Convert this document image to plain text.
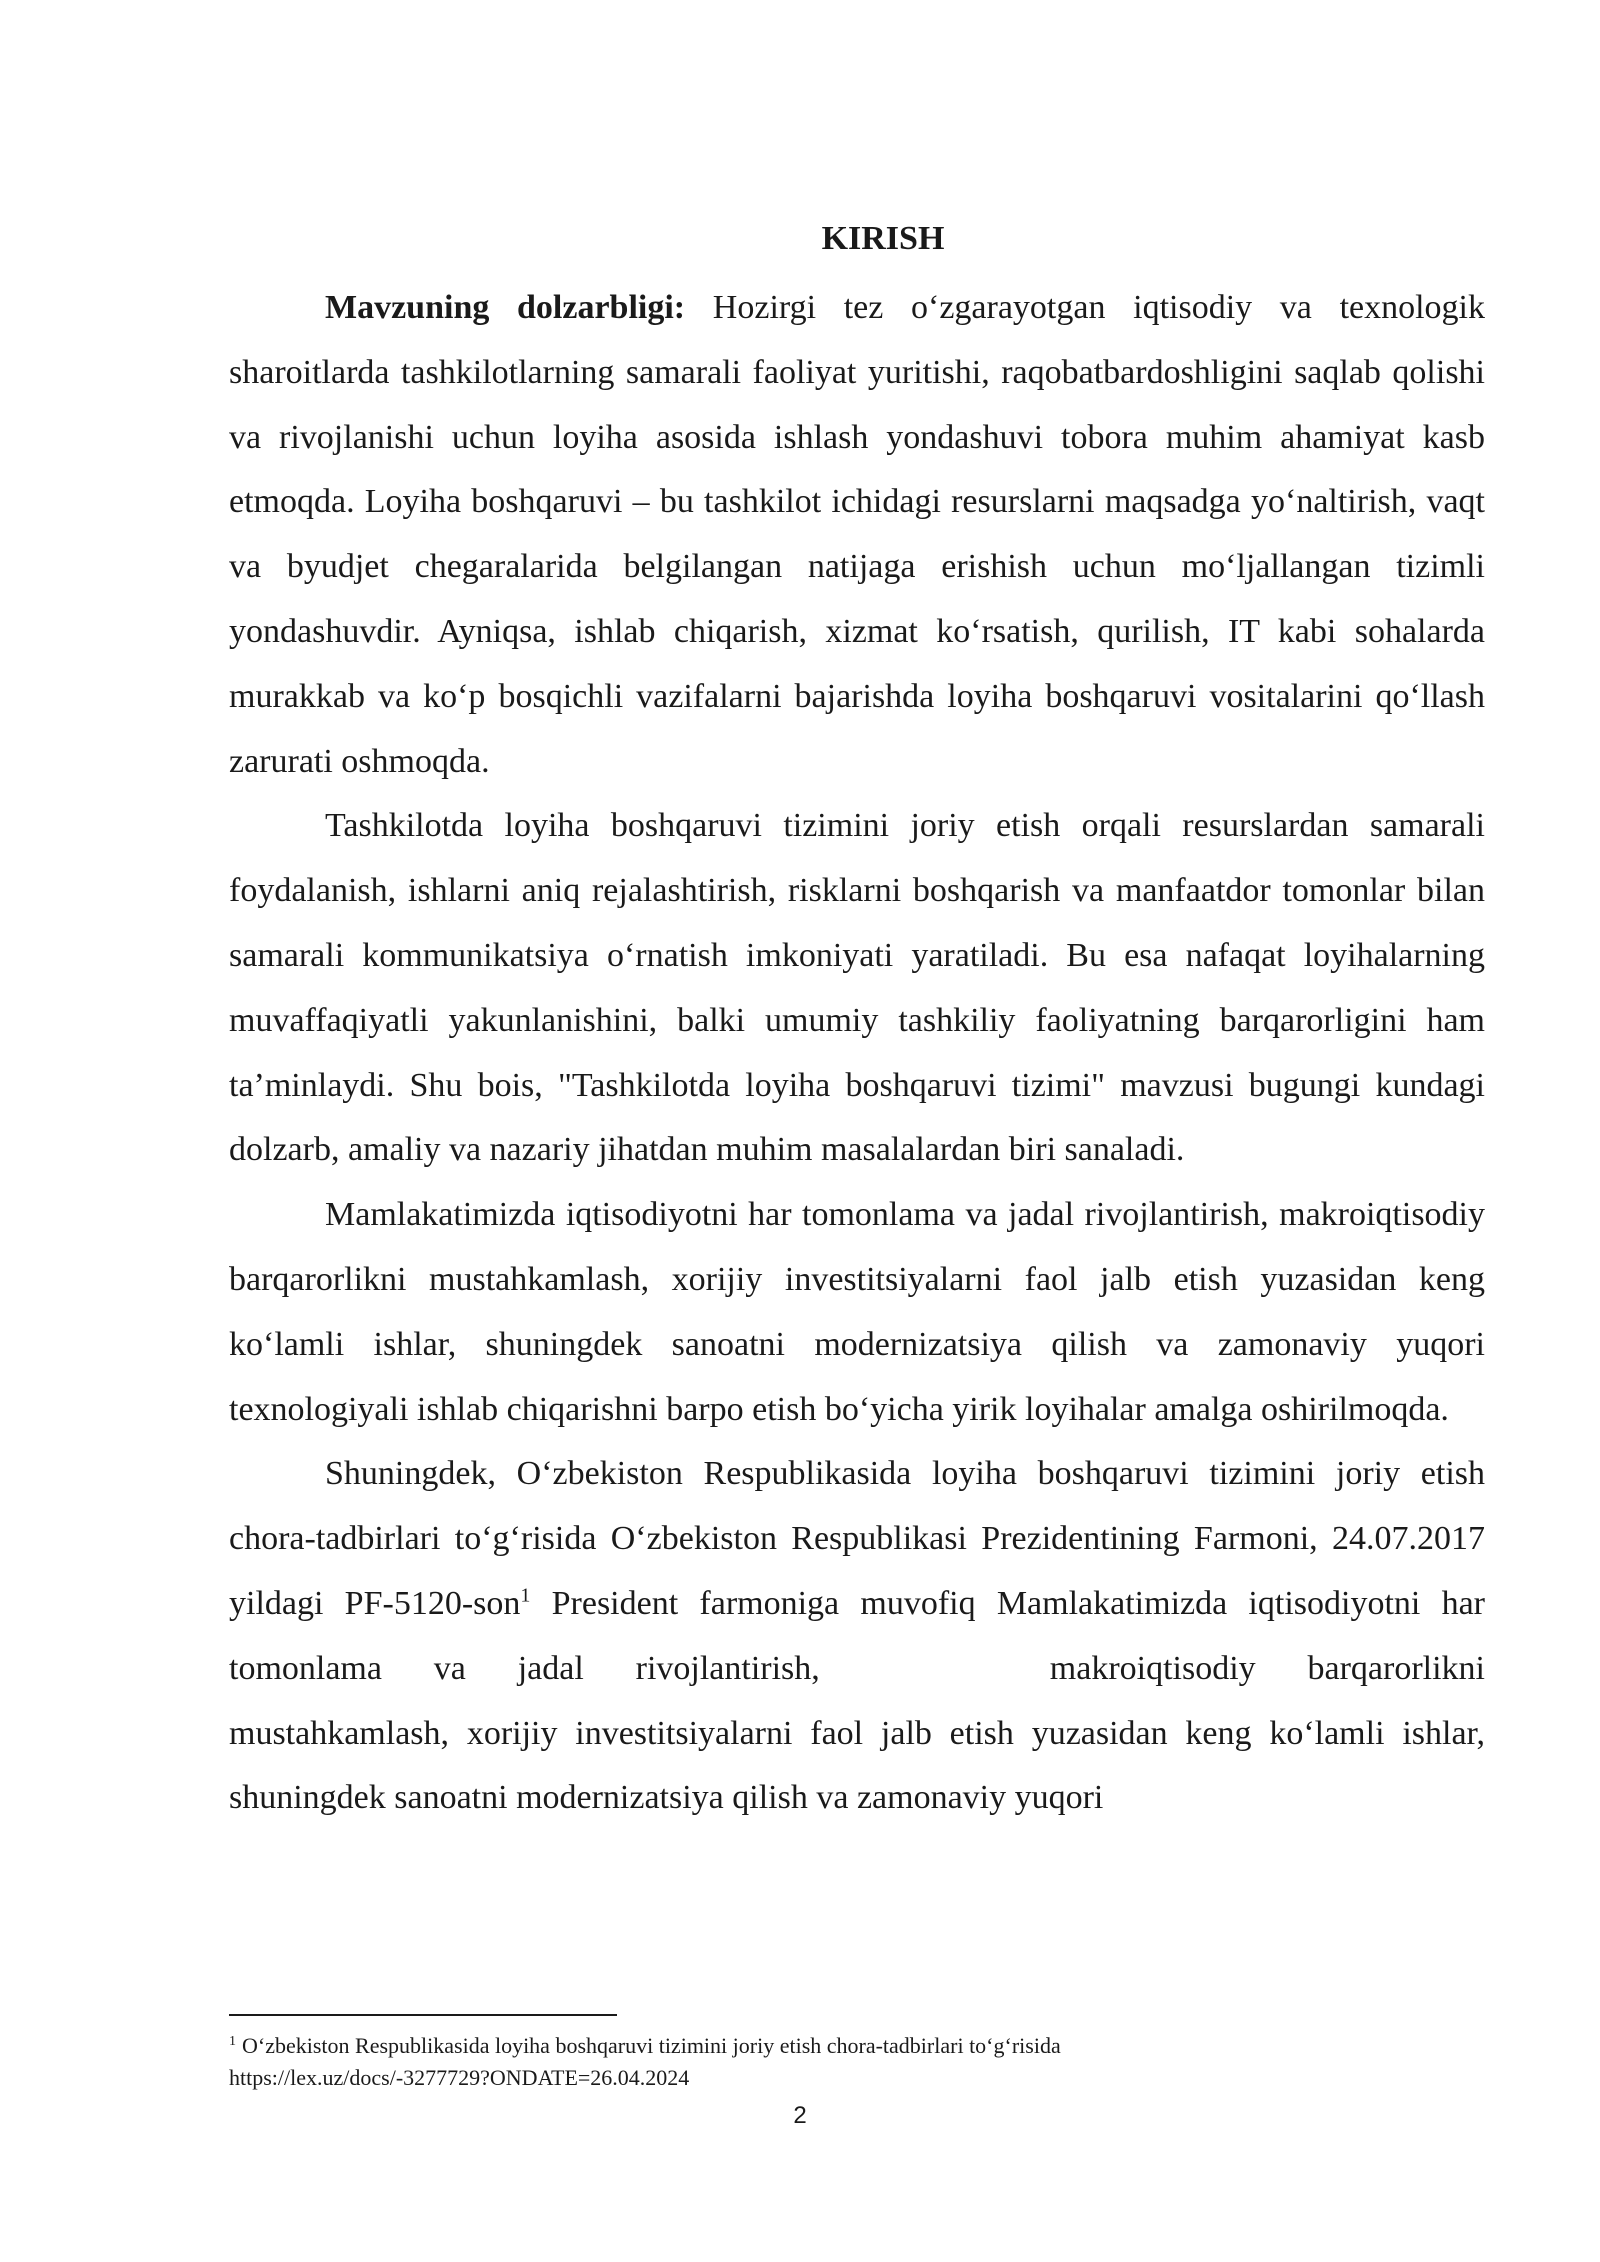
KIRISH

Mavzuning dolzarbligi: Hozirgi tez o‘zgarayotgan iqtisodiy va texnologik sharoitlarda tashkilotlarning samarali faoliyat yuritishi, raqobatbardoshligini saqlab qolishi va rivojlanishi uchun loyiha asosida ishlash yondashuvi tobora muhim ahamiyat kasb etmoqda. Loyiha boshqaruvi – bu tashkilot ichidagi resurslarni maqsadga yo‘naltirish, vaqt va byudjet chegaralarida belgilangan natijaga erishish uchun mo‘ljallangan tizimli yondashuvdir. Ayniqsa, ishlab chiqarish, xizmat ko‘rsatish, qurilish, IT kabi sohalarda murakkab va ko‘p bosqichli vazifalarni bajarishda loyiha boshqaruvi vositalarini qo‘llash zarurati oshmoqda.

Tashkilotda loyiha boshqaruvi tizimini joriy etish orqali resurslardan samarali foydalanish, ishlarni aniq rejalashtirish, risklarni boshqarish va manfaatdor tomonlar bilan samarali kommunikatsiya o‘rnatish imkoniyati yaratiladi. Bu esa nafaqat loyihalarning muvaffaqiyatli yakunlanishini, balki umumiy tashkiliy faoliyatning barqarorligini ham ta’minlaydi. Shu bois, "Tashkilotda loyiha boshqaruvi tizimi" mavzusi bugungi kundagi dolzarb, amaliy va nazariy jihatdan muhim masalalardan biri sanaladi.

Mamlakatimizda iqtisodiyotni har tomonlama va jadal rivojlantirish, makroiqtisodiy barqarorlikni mustahkamlash, xorijiy investitsiyalarni faol jalb etish yuzasidan keng ko‘lamli ishlar, shuningdek sanoatni modernizatsiya qilish va zamonaviy yuqori texnologiyali ishlab chiqarishni barpo etish bo‘yicha yirik loyihalar amalga oshirilmoqda.

Shuningdek, O‘zbekiston Respublikasida loyiha boshqaruvi tizimini joriy etish chora-tadbirlari to‘g‘risida O‘zbekiston Respublikasi Prezidentining Farmoni, 24.07.2017 yildagi PF-5120-son$^1$ President farmoniga muvofiq Mamlakatimizda iqtisodiyotni har tomonlama va jadal rivojlantirish,	makroiqtisodiy barqarorlikni mustahkamlash, xorijiy investitsiyalarni faol jalb etish yuzasidan keng ko‘lamli ishlar, shuningdek sanoatni modernizatsiya qilish va zamonaviy yuqori

$^1$ O‘zbekiston Respublikasida loyiha boshqaruvi tizimini joriy etish chora-tadbirlari to‘g‘risida
https://lex.uz/docs/-3277729?ONDATE=26.04.2024
2
